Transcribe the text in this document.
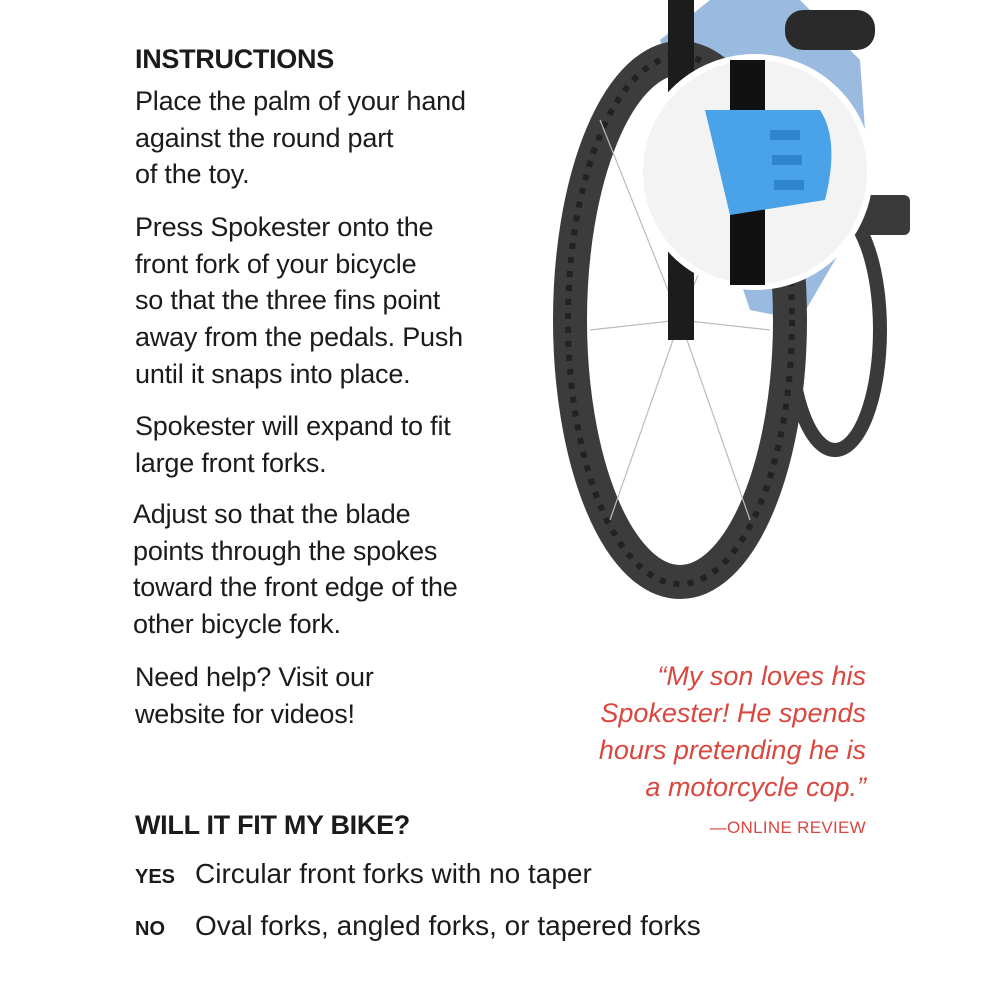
INSTRUCTIONS
Place the palm of your hand
against the round part
of the toy.
Press Spokester onto the
front fork of your bicycle
so that the three fins point
away from the pedals. Push
until it snaps into place.
Spokester will expand to fit
large front forks.
Adjust so that the blade
points through the spokes
toward the front edge of the
other bicycle fork.
Need help? Visit our
website for videos!
“My son loves his
Spokester! He spends
hours pretending he is
a motorcycle cop.”
—ONLINE REVIEW
WILL IT FIT MY BIKE?
YES Circular front forks with no taper
NO Oval forks, angled forks, or tapered forks
